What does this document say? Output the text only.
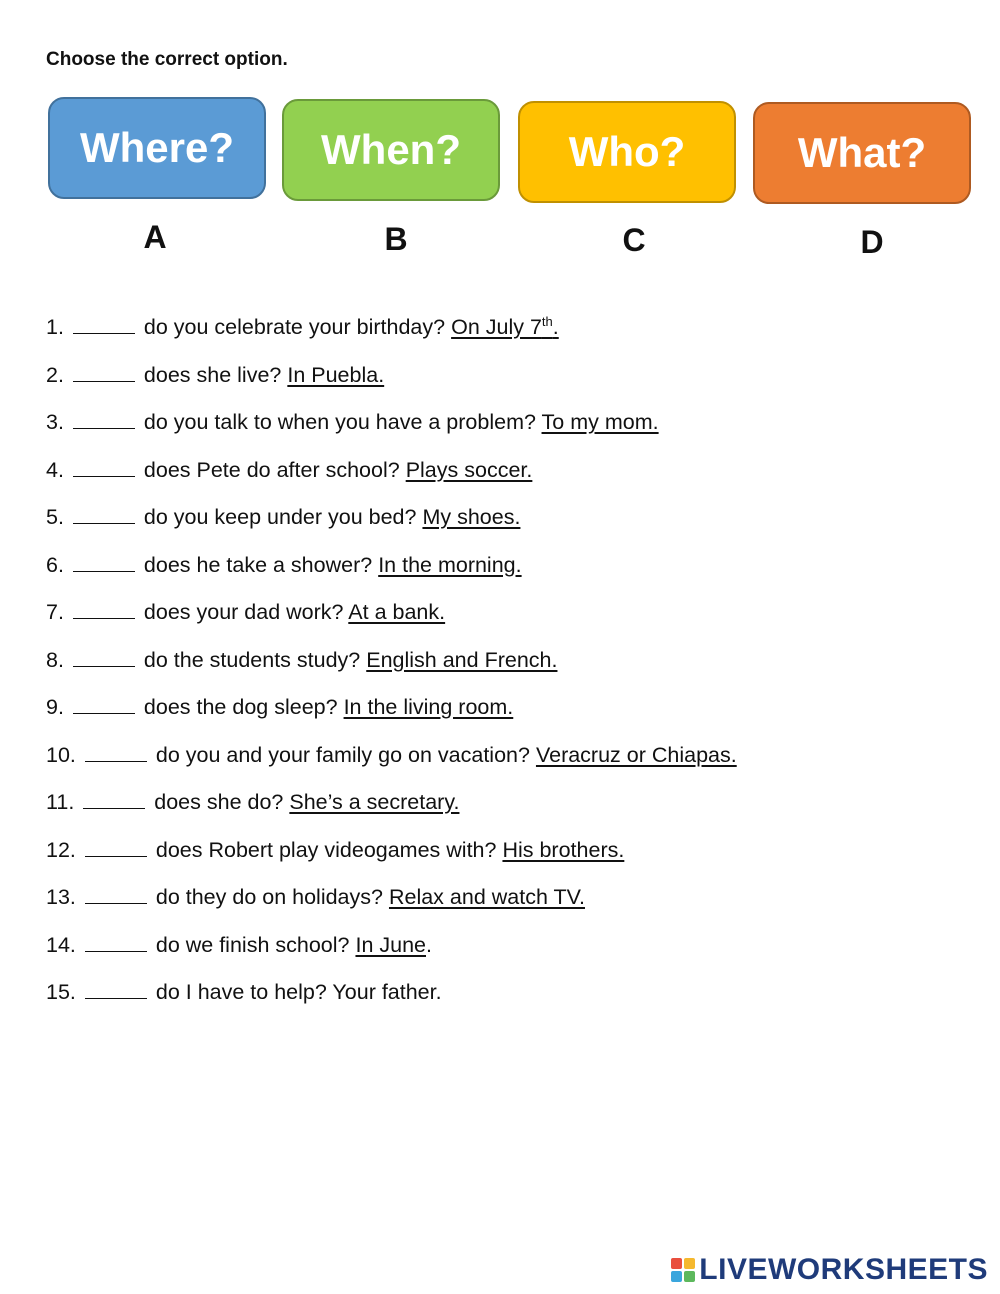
Choose the correct option.
Where?	When?	Who?	What?
A	B	C	D
1.	do you celebrate your birthday? On July 7th.
2.	does she live? In Puebla.
3.	do you talk to when you have a problem? To my mom.
4.	does Pete do after school? Plays soccer.
5.	do you keep under you bed? My shoes.
6.	does he take a shower? In the morning.
7.	does your dad work? At a bank.
8.	do the students study? English and French.
9.	does the dog sleep? In the living room.
10.	do you and your family go on vacation? Veracruz or Chiapas.
11.	does she do? She’s a secretary.
12.	does Robert play videogames with? His brothers.
13.	do they do on holidays? Relax and watch TV.
14.	do we finish school? In June.
15.	do I have to help? Your father.
LIVEWORKSHEETS
